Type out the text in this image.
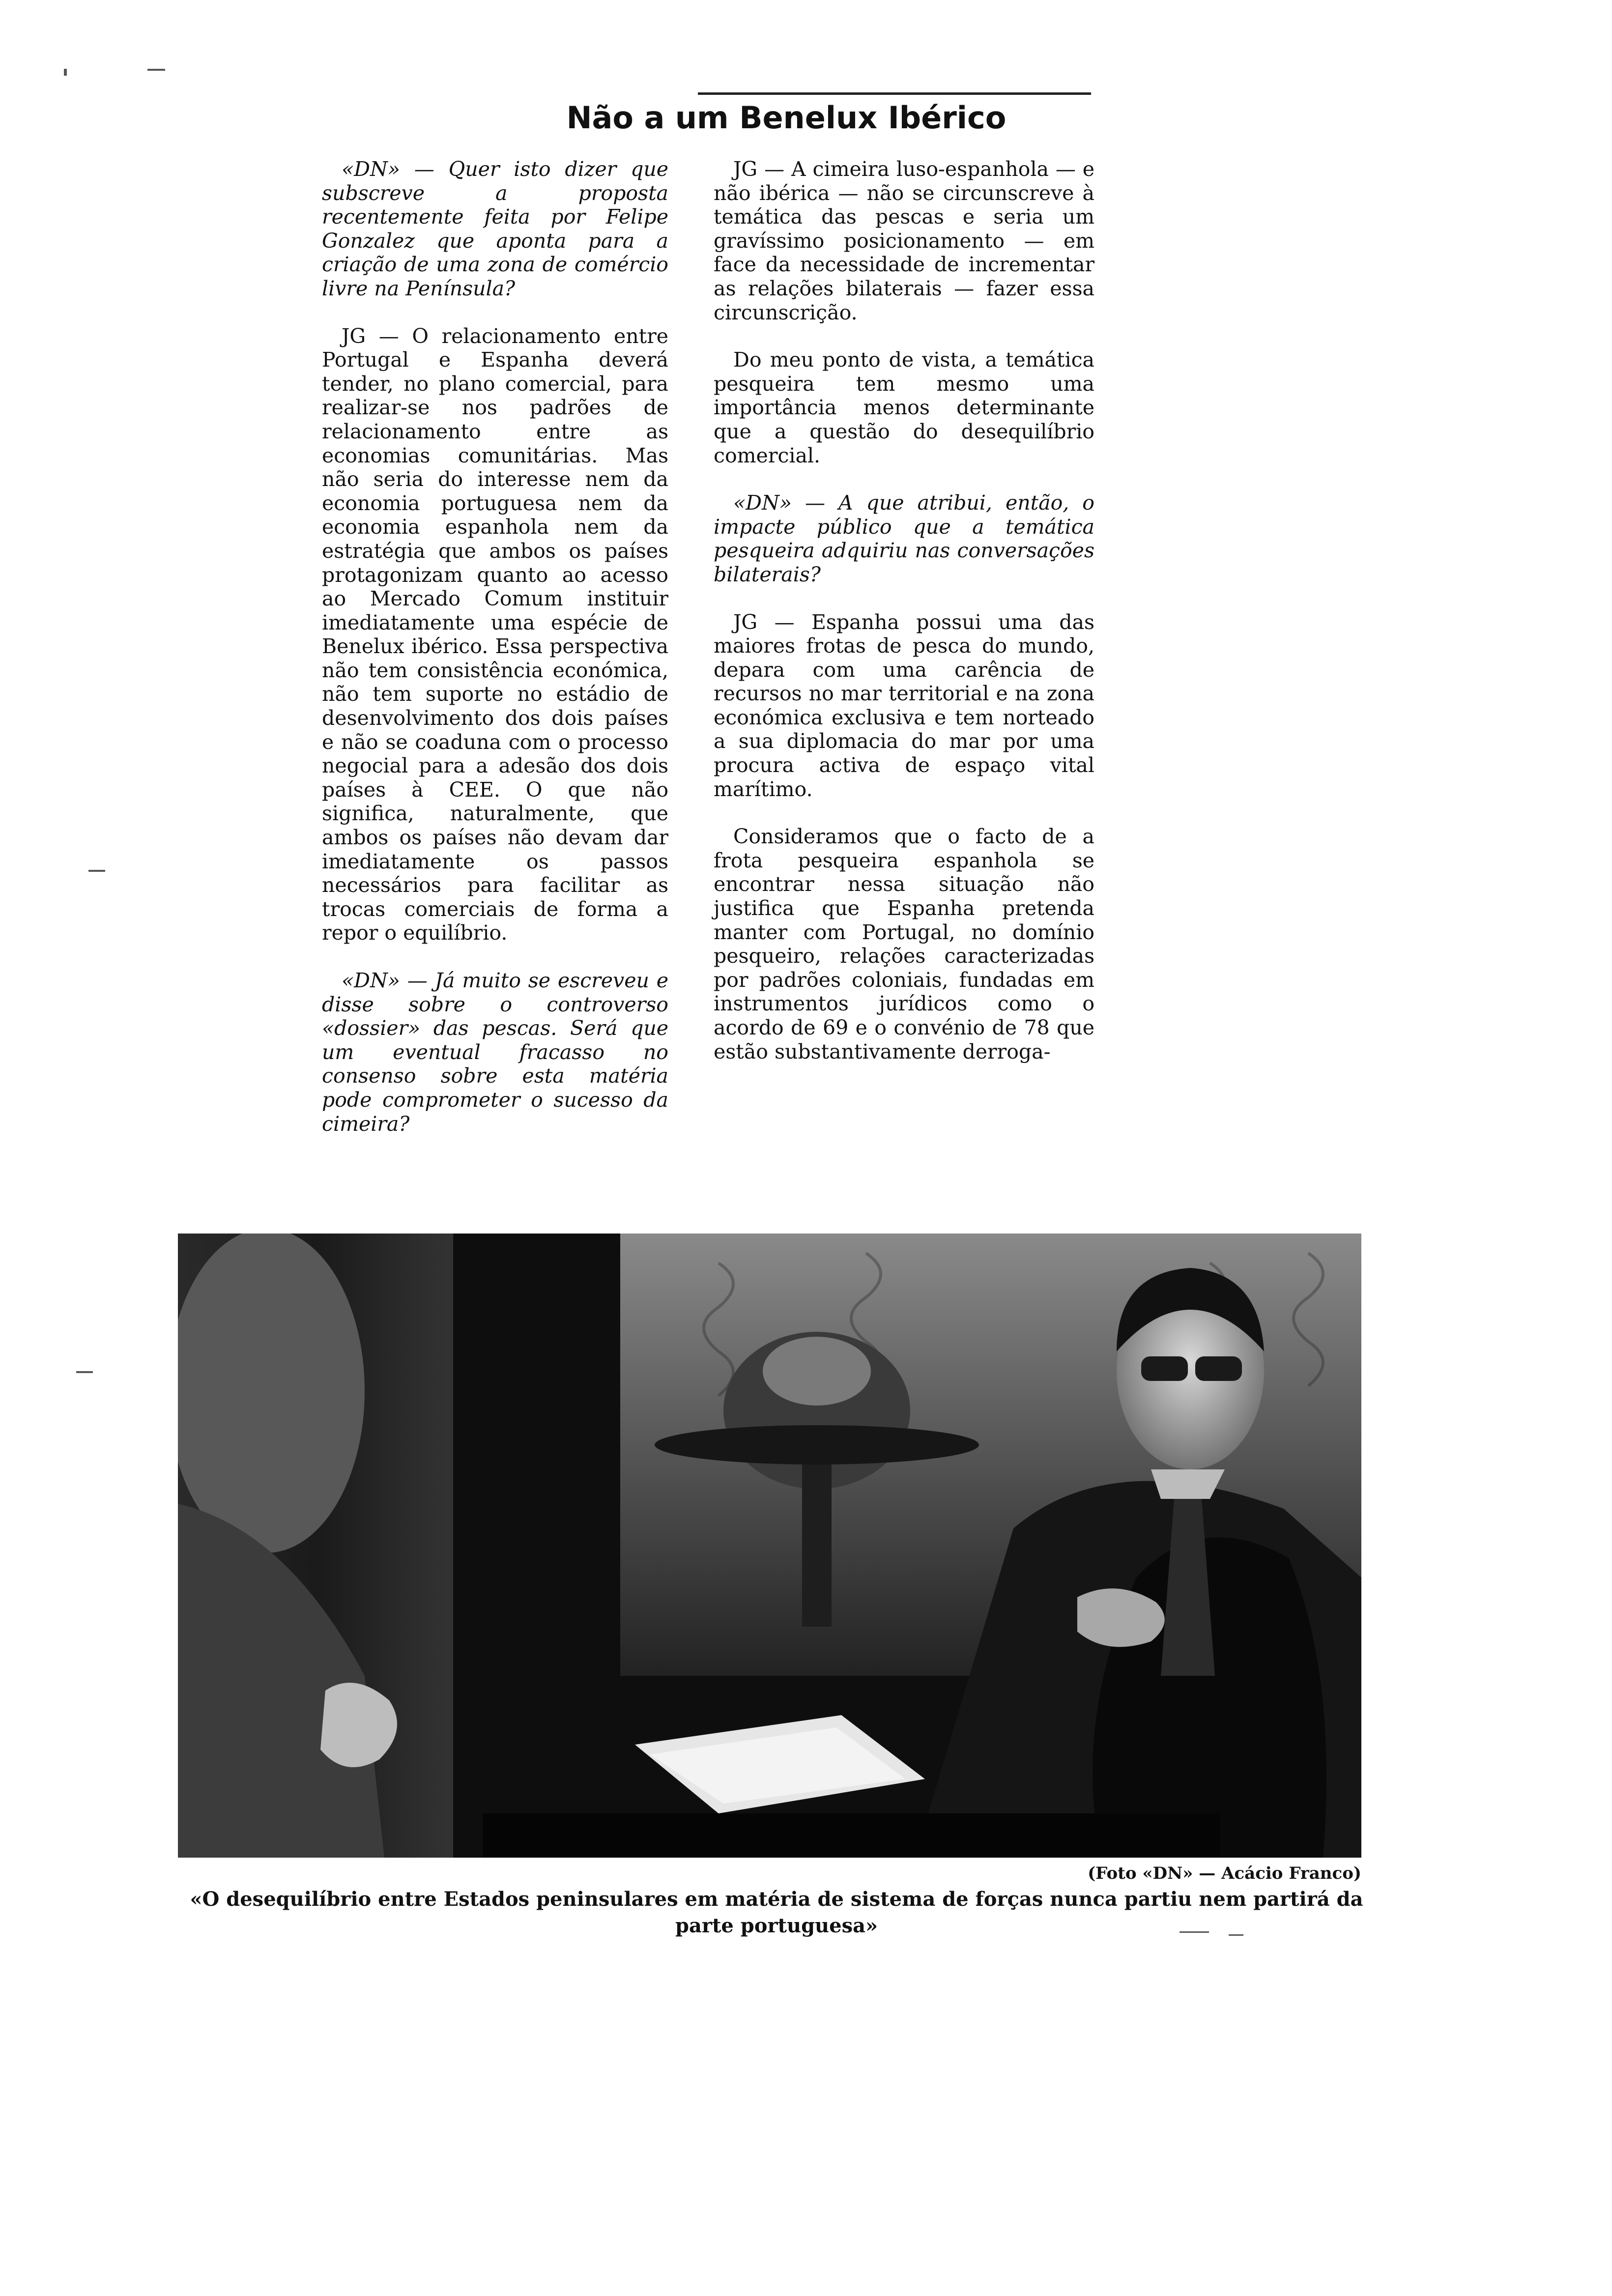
Não a um Benelux Ibérico

«DN» — Quer isto dizer que subscreve a proposta recentemente feita por Felipe Gonzalez que aponta para a criação de uma zona de comércio livre na Península?

JG — O relacionamento entre Portugal e Espanha deverá tender, no plano comercial, para realizar-se nos padrões de relacionamento entre as economias comunitárias. Mas não seria do interesse nem da economia portuguesa nem da economia espanhola nem da estratégia que ambos os países protagonizam quanto ao acesso ao Mercado Comum instituir imediatamente uma espécie de Benelux ibérico. Essa perspectiva não tem consistência económica, não tem suporte no estádio de desenvolvimento dos dois países e não se coaduna com o processo negocial para a adesão dos dois países à CEE. O que não significa, naturalmente, que ambos os países não devam dar imediatamente os passos necessários para facilitar as trocas comerciais de forma a repor o equilíbrio.

«DN» — Já muito se escreveu e disse sobre o controverso «dossier» das pescas. Será que um eventual fracasso no consenso sobre esta matéria pode comprometer o sucesso da cimeira?

JG — A cimeira luso-espanhola — e não ibérica — não se circunscreve à temática das pescas e seria um gravíssimo posicionamento — em face da necessidade de incrementar as relações bilaterais — fazer essa circunscrição.

Do meu ponto de vista, a temática pesqueira tem mesmo uma importância menos determinante que a questão do desequilíbrio comercial.

«DN» — A que atribui, então, o impacte público que a temática pesqueira adquiriu nas conversações bilaterais?

JG — Espanha possui uma das maiores frotas de pesca do mundo, depara com uma carência de recursos no mar territorial e na zona económica exclusiva e tem norteado a sua diplomacia do mar por uma procura activa de espaço vital marítimo.

Consideramos que o facto de a frota pesqueira espanhola se encontrar nessa situação não justifica que Espanha pretenda manter com Portugal, no domínio pesqueiro, relações caracterizadas por padrões coloniais, fundadas em instrumentos jurídicos como o acordo de 69 e o convénio de 78 que estão substantivamente derroga-

(Foto «DN» — Acácio Franco)

«O desequilíbrio entre Estados peninsulares em matéria de sistema de forças nunca partiu nem partirá da parte portuguesa»
